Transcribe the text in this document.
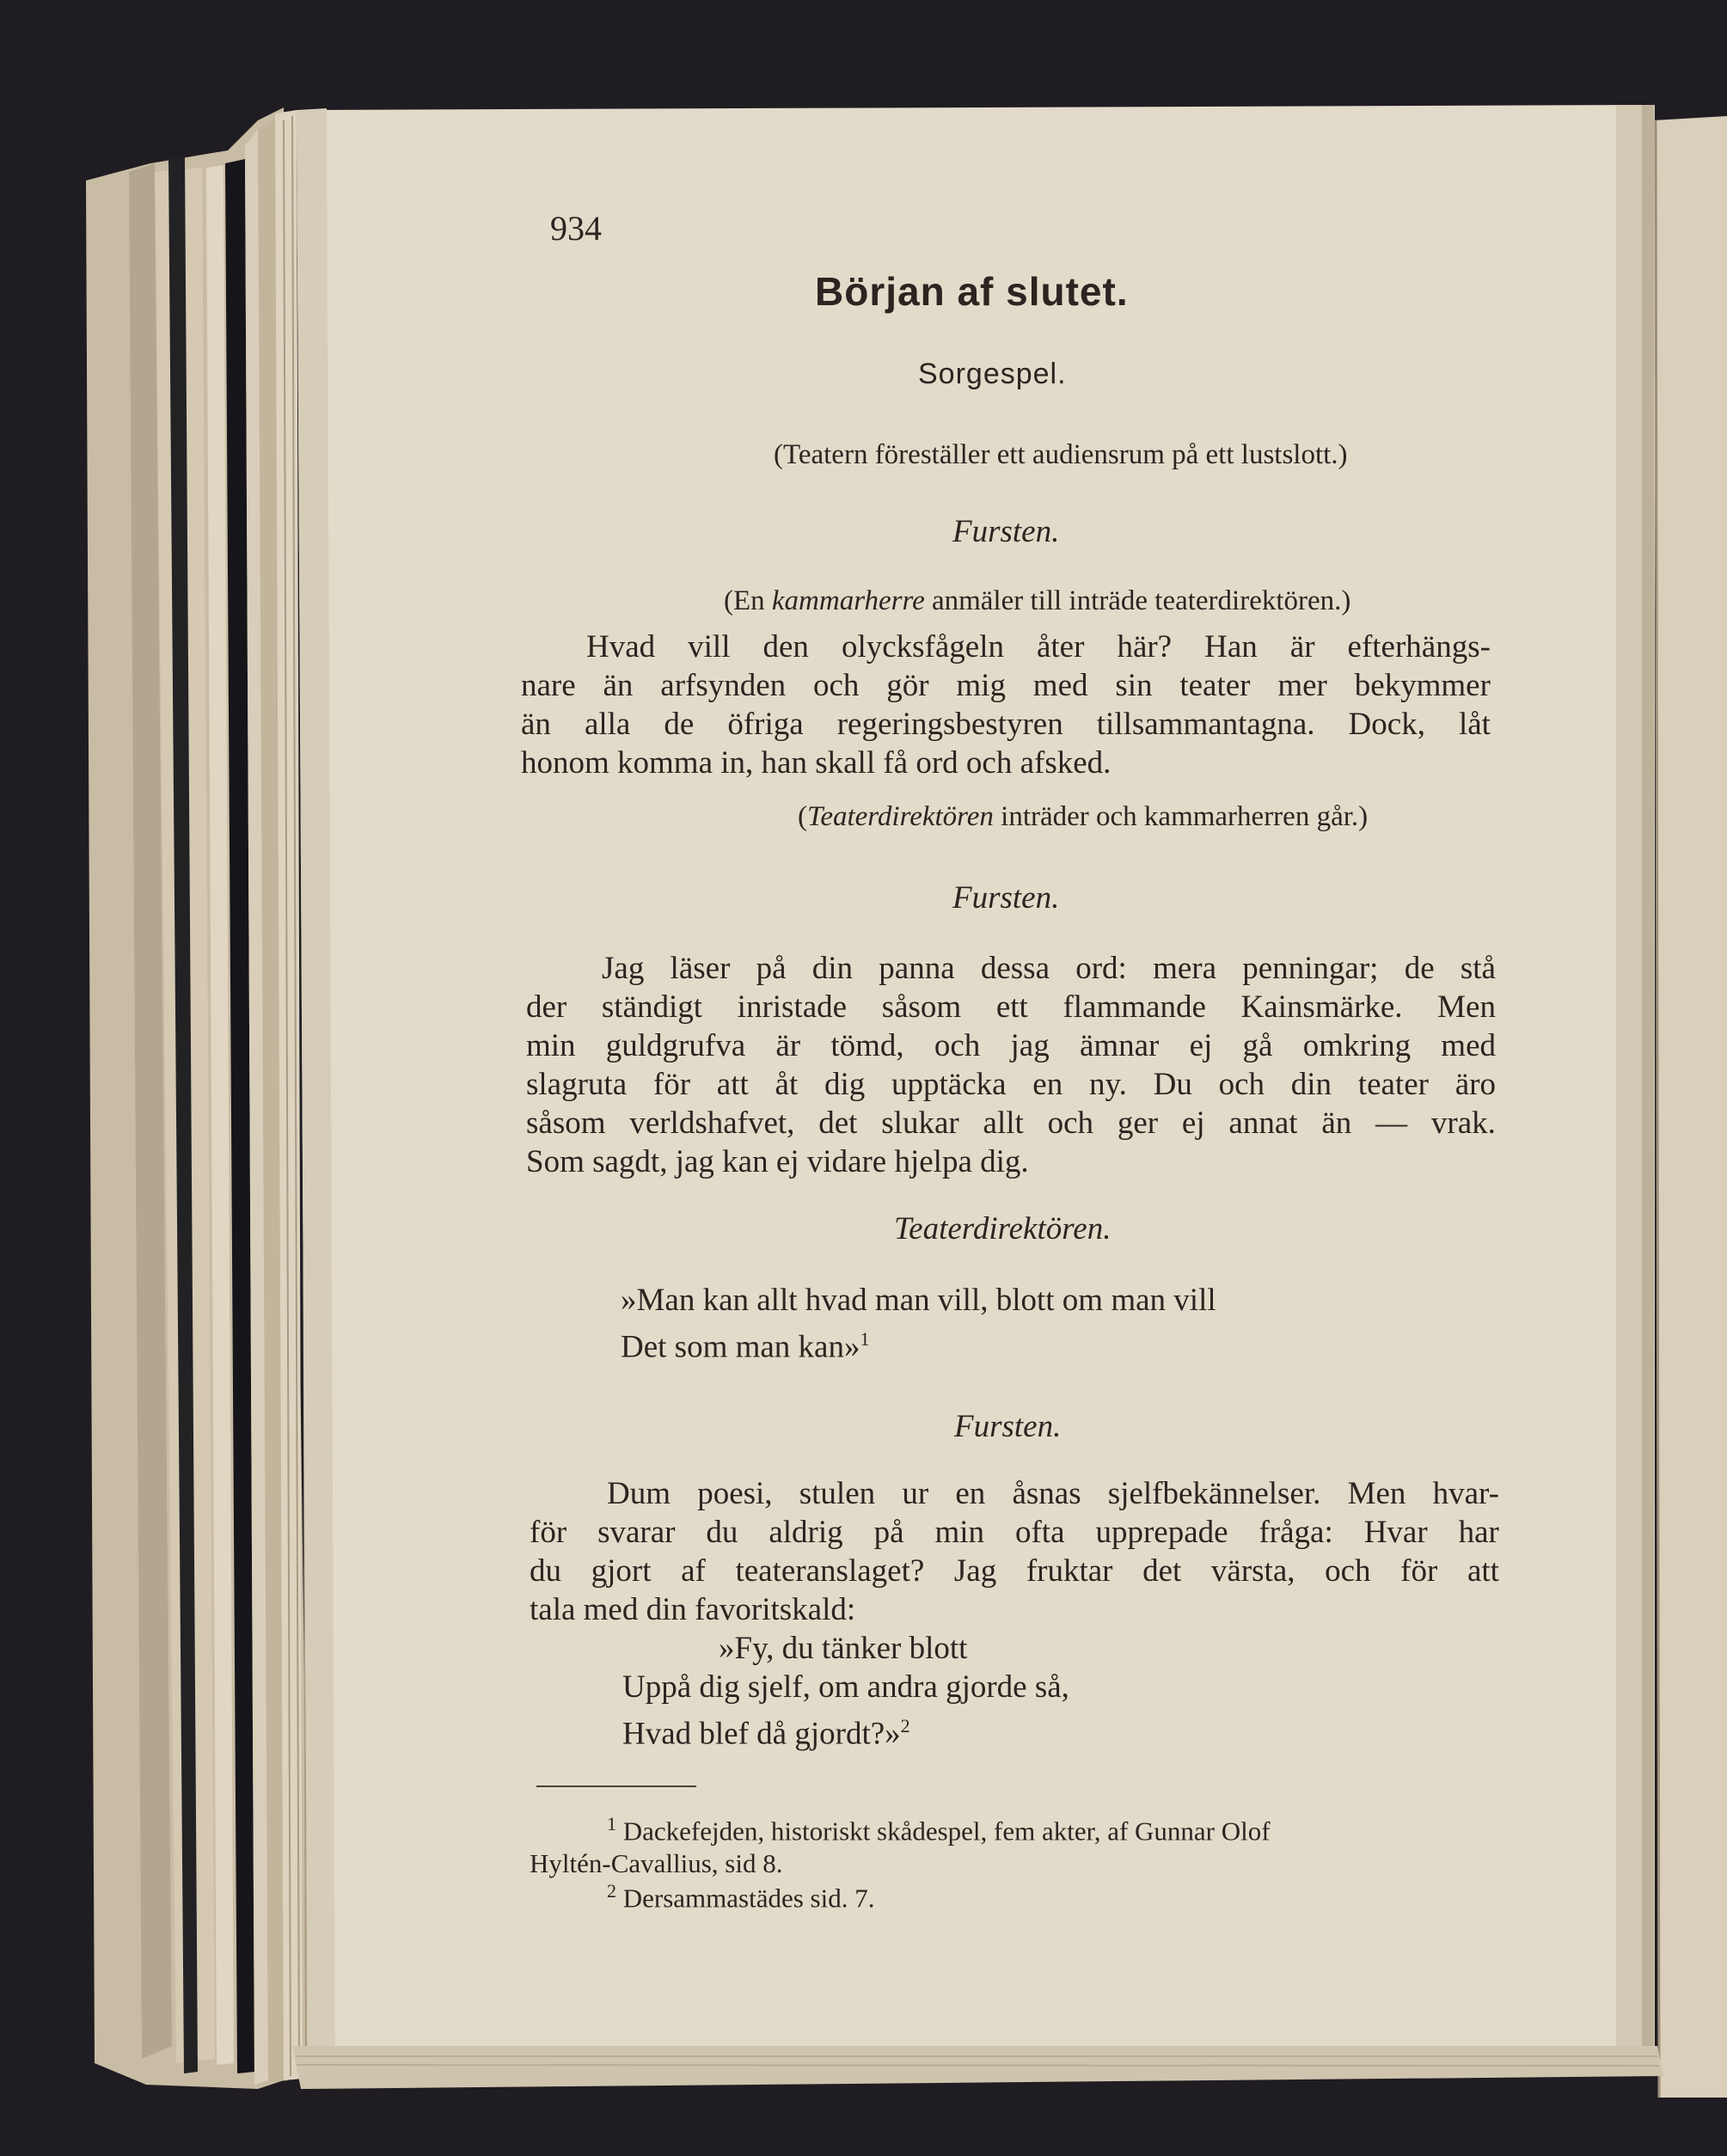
934
Början af slutet.
Sorgespel.
(Teatern föreställer ett audiensrum på ett lustslott.)
Fursten.
(En kammarherre anmäler till inträde teaterdirektören.)
Hvad vill den olycksfågeln åter här? Han är efterhängs-
nare än arfsynden och gör mig med sin teater mer bekymmer
än alla de öfriga regeringsbestyren tillsammantagna. Dock, låt
honom komma in, han skall få ord och afsked.
(Teaterdirektören inträder och kammarherren går.)
Fursten.
Jag läser på din panna dessa ord: mera penningar; de stå
der ständigt inristade såsom ett flammande Kainsmärke. Men
min guldgrufva är tömd, och jag ämnar ej gå omkring med
slagruta för att åt dig upptäcka en ny. Du och din teater äro
såsom verldshafvet, det slukar allt och ger ej annat än — vrak.
Som sagdt, jag kan ej vidare hjelpa dig.
Teaterdirektören.
»Man kan allt hvad man vill, blott om man vill
Det som man kan»$^1$
Fursten.
Dum poesi, stulen ur en åsnas sjelfbekännelser. Men hvar-
för svarar du aldrig på min ofta upprepade fråga: Hvar har
du gjort af teateranslaget? Jag fruktar det värsta, och för att
tala med din favoritskald:
»Fy, du tänker blott
Uppå dig sjelf, om andra gjorde så,
Hvad blef då gjordt?»$^2$
$^1$ Dackefejden, historiskt skådespel, fem akter, af Gunnar Olof
Hyltén-Cavallius, sid 8.
$^2$ Dersammastädes sid. 7.
